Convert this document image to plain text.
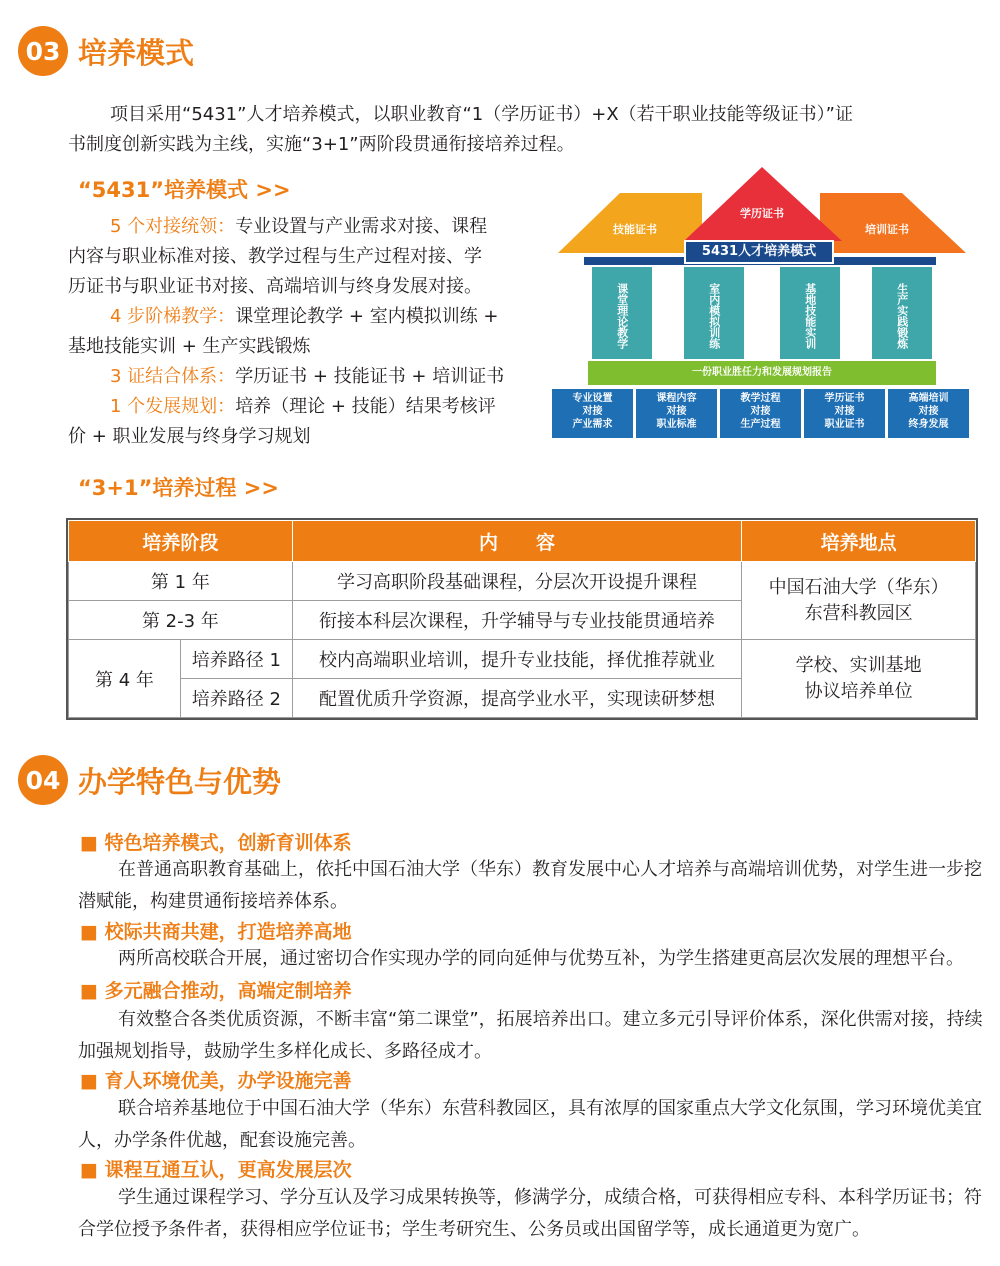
03 培养模式
项目采用“5431”人才培养模式，以职业教育“1（学历证书）+X（若干职业技能等级证书）”证
书制度创新实践为主线，实施“3+1”两阶段贯通衔接培养过程。
“5431”培养模式 >>
5 个对接统领：专业设置与产业需求对接、课程
内容与职业标准对接、教学过程与生产过程对接、学
历证书与职业证书对接、高端培训与终身发展对接。
4 步阶梯教学：课堂理论教学 + 室内模拟训练 +
基地技能实训 + 生产实践锻炼
3 证结合体系：学历证书 + 技能证书 + 培训证书
1 个发展规划：培养（理论 + 技能）结果考核评
价 + 职业发展与终身学习规划
技能证书
学历证书
培训证书
5431人才培养模式
课堂理论教学	室内模拟训练	基地技能实训	生产实践锻炼
一份职业胜任力和发展规划报告
专业设置
对接
产业需求
课程内容
对接
职业标准
教学过程
对接
生产过程
学历证书
对接
职业证书
高端培训
对接
终身发展
“3+1”培养过程 >>
培养阶段		内　　容	培养地点
第 1 年		学习高职阶段基础课程，分层次开设提升课程	中国石油大学（华东）
东营科教园区

第 2-3 年		衔接本科层次课程，升学辅导与专业技能贯通培养	
第 4 年	培养路径 1	校内高端职业培训，提升专业技能，择优推荐就业	学校、实训基地
协议培养单位

	培养路径 2	配置优质升学资源，提高学业水平，实现读研梦想	
04 办学特色与优势
■ 特色培养模式，创新育训体系
在普通高职教育基础上，依托中国石油大学（华东）教育发展中心人才培养与高端培训优势，对学生进一步挖潜赋能，构建贯通衔接培养体系。
■ 校际共商共建，打造培养高地
两所高校联合开展，通过密切合作实现办学的同向延伸与优势互补，为学生搭建更高层次发展的理想平台。
■ 多元融合推动，高端定制培养
有效整合各类优质资源，不断丰富“第二课堂”，拓展培养出口。建立多元引导评价体系，深化供需对接，持续加强规划指导，鼓励学生多样化成长、多路径成才。
■ 育人环境优美，办学设施完善
联合培养基地位于中国石油大学（华东）东营科教园区，具有浓厚的国家重点大学文化氛围，学习环境优美宜人，办学条件优越，配套设施完善。
■ 课程互通互认，更高发展层次
学生通过课程学习、学分互认及学习成果转换等，修满学分，成绩合格，可获得相应专科、本科学历证书；符合学位授予条件者，获得相应学位证书；学生考研究生、公务员或出国留学等，成长通道更为宽广。
